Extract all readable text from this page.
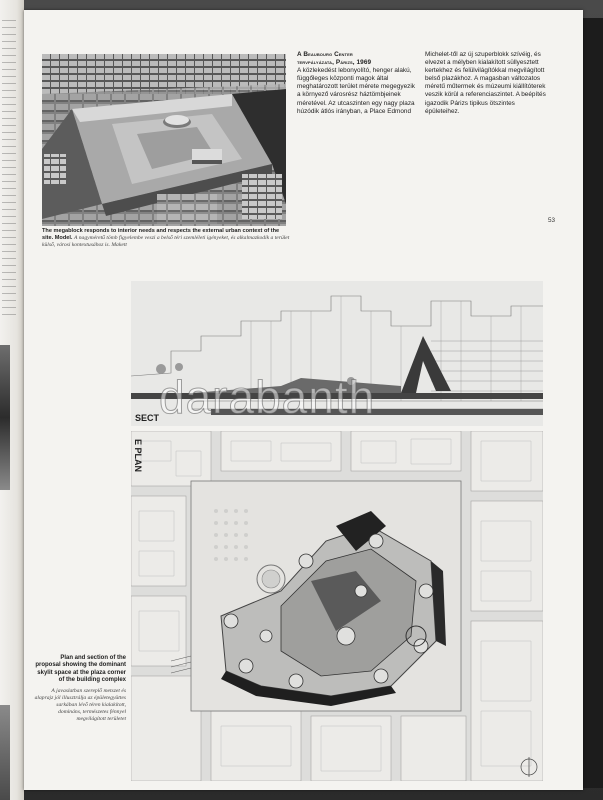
The megablock responds to interior needs and respects the external urban context of the site. Model. A nagyméretű tömb figyelembe veszi a belső téri szemléleti igényeket, és alkalmazkodik a terület külső, városi kontextusához is. Makett
A Beaubourg Center
tervpályázata, Párizs, 1969
A közlekedést lebonyolító, henger alakú, függőleges központi magok által meghatározott terület mérete megegyezik a környező városrész háztömbjeinek méretével. Az utcaszinten egy nagy plaza húzódik átlós irányban, a Place Edmond
Michelet-től az új szuperblokk szívéig, és elvezet a mélyben kialakított süllyesztett kertekhez és felülvilágítókkal megvilágított belső plazákhoz. A magasban változatos méretű műtermek és múzeumi kiállítóterek veszik körül a referenciaszintet. A beépítés igazodik Párizs tipikus ötszintes épületeihez.
53
SECT
E PLAN
Plan and section of the proposal showing the dominant skylit space at the plaza corner of the building complex
A javaslatban szereplő metszet és alaprajz jól illusztrálja az épületegyüttes sarkában lévő téren kialakított, domináns, természetes fénnyel megvilágított területet
darabanth
